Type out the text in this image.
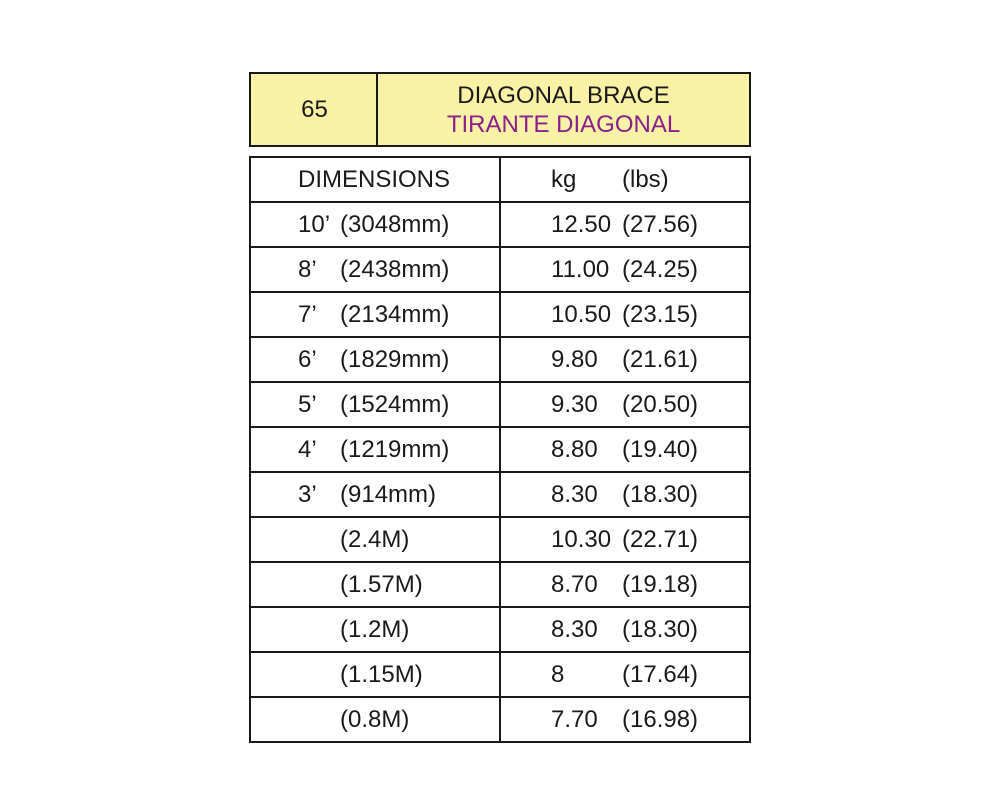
65	DIAGONAL BRACE
TIRANTE DIAGONAL
DIMENSIONS	kg	(lbs)
10’ (3048mm)	12.50 (27.56)
8’ (2438mm)	11.00 (24.25)
7’ (2134mm)	10.50 (23.15)
6’ (1829mm)	9.80	(21.61)
5’ (1524mm)	9.30	(20.50)
4’ (1219mm)	8.80	(19.40)
3’ (914mm)	8.30	(18.30)
(2.4M)	10.30 (22.71)
(1.57M)	8.70	(19.18)
(1.2M)	8.30	(18.30)
(1.15M)	8	(17.64)
(0.8M)	7.70	(16.98)
